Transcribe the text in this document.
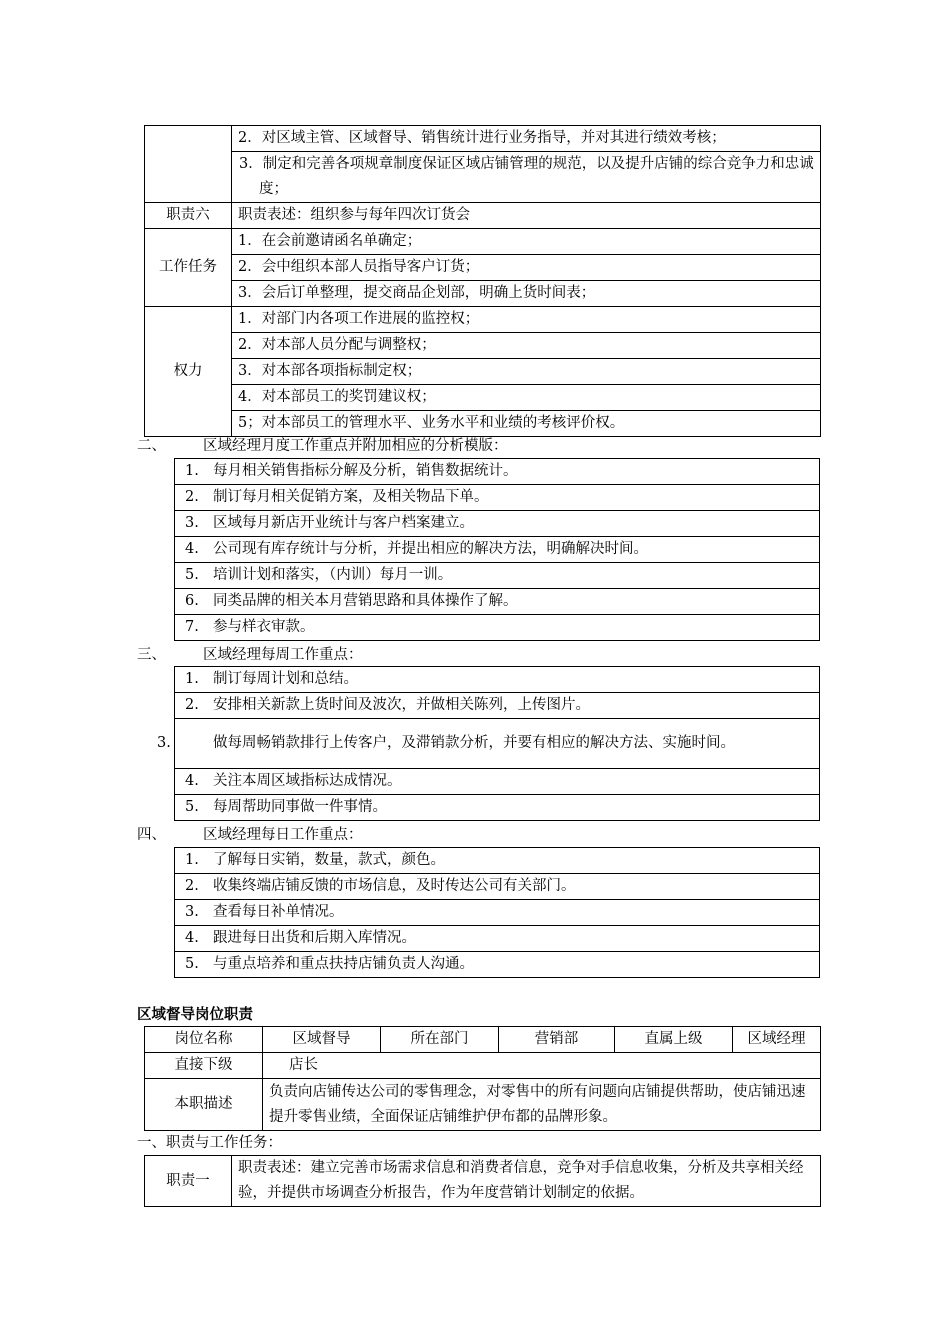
	2．对区域主管、区域督导、销售统计进行业务指导，并对其进行绩效考核；
	3．制定和完善各项规章制度保证区域店铺管理的规范，以及提升店铺的综合竞争力和忠诚度；
职责六	职责表述：组织参与每年四次订货会
工作任务	1．在会前邀请函名单确定；
	2．会中组织本部人员指导客户订货；
	3．会后订单整理，提交商品企划部，明确上货时间表；
权力	1．对部门内各项工作进展的监控权；
	2．对本部人员分配与调整权；
	3．对本部各项指标制定权；
	4．对本部员工的奖罚建议权；
	5；对本部员工的管理水平、业务水平和业绩的考核评价权。
二、	区域经理月度工作重点并附加相应的分析模版：
1. 每月相关销售指标分解及分析，销售数据统计。
2. 制订每月相关促销方案，及相关物品下单。
3. 区域每月新店开业统计与客户档案建立。
4. 公司现有库存统计与分析，并提出相应的解决方法，明确解决时间。
5. 培训计划和落实，（内训）每月一训。
6. 同类品牌的相关本月营销思路和具体操作了解。
7. 参与样衣审款。
三、	区域经理每周工作重点：
1. 制订每周计划和总结。
2. 安排相关新款上货时间及波次，并做相关陈列，上传图片。

3.	做每周畅销款排行上传客户，及滞销款分析，并要有相应的解决方法、实施时间。

4. 关注本周区域指标达成情况。
5. 每周帮助同事做一件事情。
四、	区域经理每日工作重点：
1. 了解每日实销，数量，款式，颜色。
2. 收集终端店铺反馈的市场信息，及时传达公司有关部门。
3. 查看每日补单情况。
4. 跟进每日出货和后期入库情况。
5. 与重点培养和重点扶持店铺负责人沟通。
区域督导岗位职责
岗位名称	区域督导	所在部门	营销部	直属上级	区域经理
直接下级	店长				
本职描述	负责向店铺传达公司的零售理念，对零售中的所有问题向店铺提供帮助，使店铺迅速提升零售业绩，全面保证店铺维护伊布都的品牌形象。				
一、职责与工作任务：
职责一	职责表述：建立完善市场需求信息和消费者信息，竞争对手信息收集，分析及共享相关经验，并提供市场调查分析报告，作为年度营销计划制定的依据。
